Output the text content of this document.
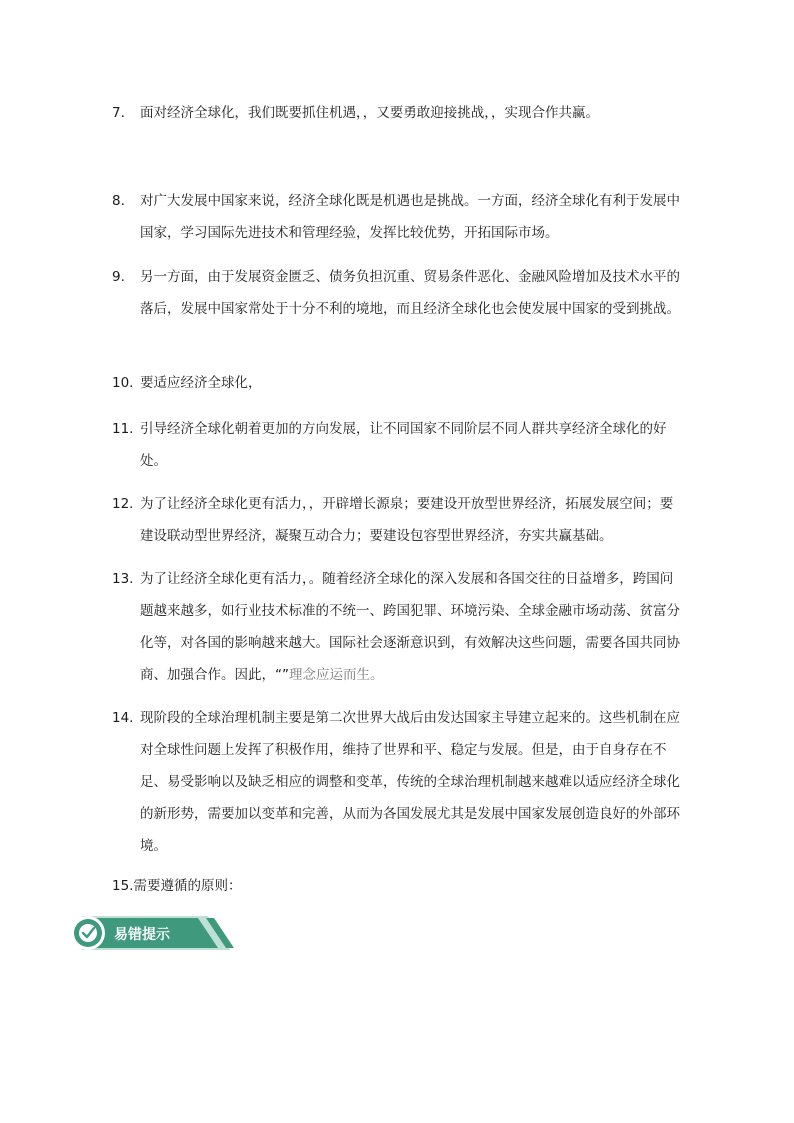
7.	面对经济全球化，我们既要抓住机遇，，又要勇敢迎接挑战，，实现合作共赢。
8.	对广大发展中国家来说，经济全球化既是机遇也是挑战。一方面，经济全球化有利于发展中国家，学习国际先进技术和管理经验，发挥比较优势，开拓国际市场。
9.	另一方面，由于发展资金匮乏、债务负担沉重、贸易条件恶化、金融风险增加及技术水平的落后，发展中国家常处于十分不利的境地，而且经济全球化也会使发展中国家的受到挑战。
10. 要适应经济全球化，
11. 引导经济全球化朝着更加的方向发展，让不同国家不同阶层不同人群共享经济全球化的好处。
12. 为了让经济全球化更有活力，，开辟增长源泉；要建设开放型世界经济，拓展发展空间；要建设联动型世界经济，凝聚互动合力；要建设包容型世界经济，夯实共赢基础。
13. 为了让经济全球化更有活力，。随着经济全球化的深入发展和各国交往的日益增多，跨国问题越来越多，如行业技术标准的不统一、跨国犯罪、环境污染、全球金融市场动荡、贫富分化等，对各国的影响越来越大。国际社会逐渐意识到，有效解决这些问题，需要各国共同协商、加强合作。因此，“”理念应运而生。
14. 现阶段的全球治理机制主要是第二次世界大战后由发达国家主导建立起来的。这些机制在应对全球性问题上发挥了积极作用，维持了世界和平、稳定与发展。但是，由于自身存在不足、易受影响以及缺乏相应的调整和变革，传统的全球治理机制越来越难以适应经济全球化的新形势，需要加以变革和完善，从而为各国发展尤其是发展中国家发展创造良好的外部环境。
15.需要遵循的原则：
易错提示
